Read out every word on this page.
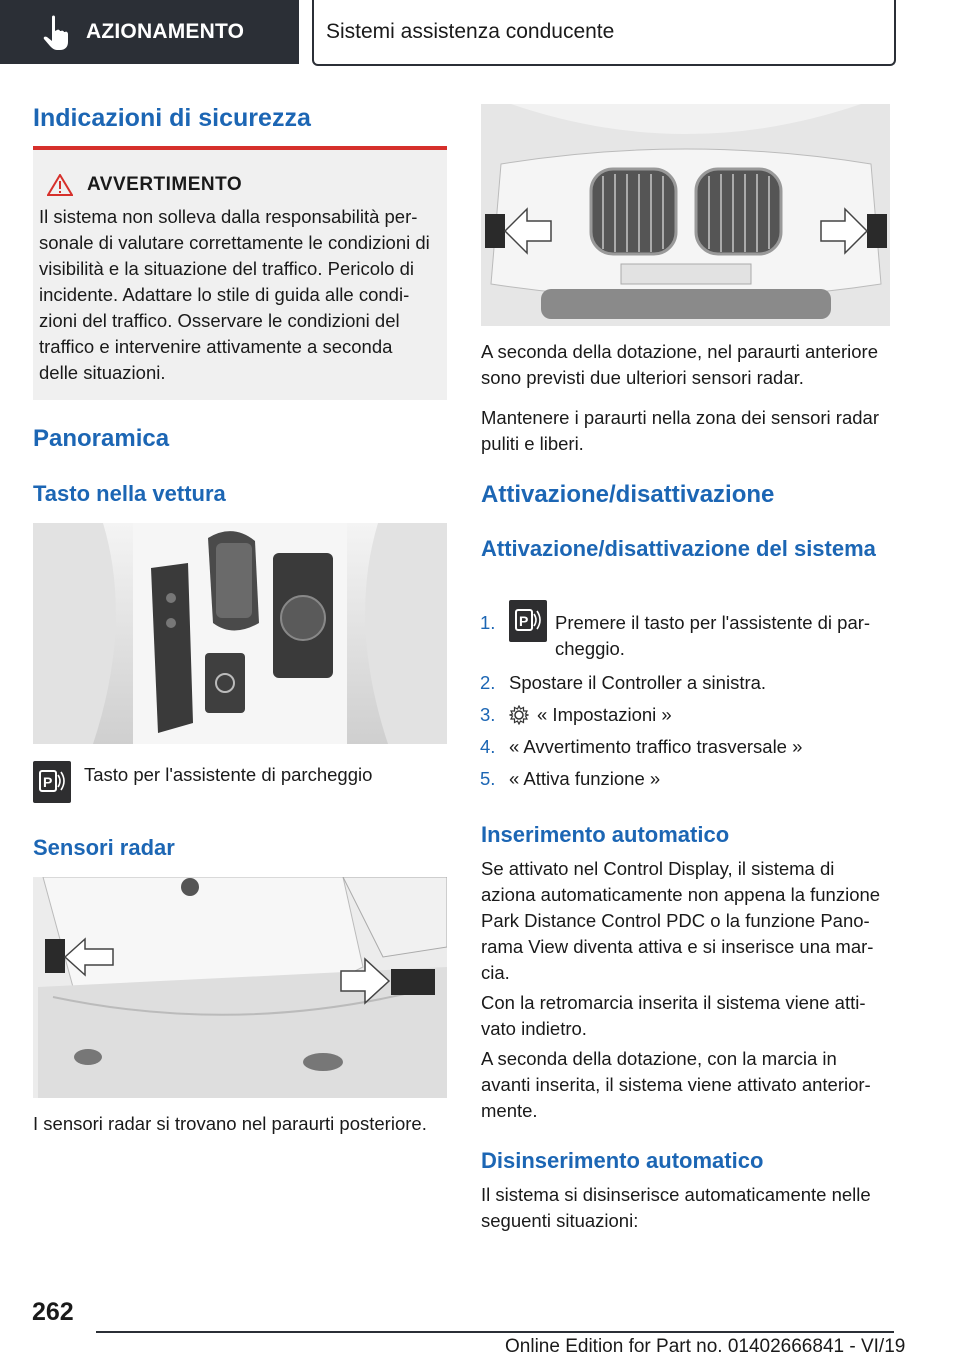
AZIONAMENTO	Sistemi assistenza conducente
Indicazioni di sicurezza
AVVERTIMENTO

Il sistema non solleva dalla responsabilità per-sonale di valutare correttamente le condizioni di visibilità e la situazione del traffico. Pericolo di incidente. Adattare lo stile di guida alle condi-zioni del traffico. Osservare le condizioni del traffico e intervenire attivamente a seconda delle situazioni.

Panoramica
Tasto nella vettura
P Tasto per l'assistente di parcheggio

Sensori radar

I sensori radar si trovano nel paraurti posteriore.

A seconda della dotazione, nel paraurti anteriore sono previsti due ulteriori sensori radar.

Mantenere i paraurti nella zona dei sensori radar puliti e liberi.

Attivazione/disattivazione
Attivazione/disattivazione del sistema
1. P Premere il tasto per l'assistente di par-cheggio.
2. Spostare il Controller a sinistra.
3. « Impostazioni »
4. « Avvertimento traffico trasversale »
5. « Attiva funzione »
Inserimento automatico

Se attivato nel Control Display, il sistema di aziona automaticamente non appena la funzione Park Distance Control PDC o la funzione Pano-rama View diventa attiva e si inserisce una mar-cia.

Con la retromarcia inserita il sistema viene atti-vato indietro.

A seconda della dotazione, con la marcia in avanti inserita, il sistema viene attivato anterior-mente.

Disinserimento automatico

Il sistema si disinserisce automaticamente nelle seguenti situazioni:

262
Online Edition for Part no. 01402666841 - VI/19
